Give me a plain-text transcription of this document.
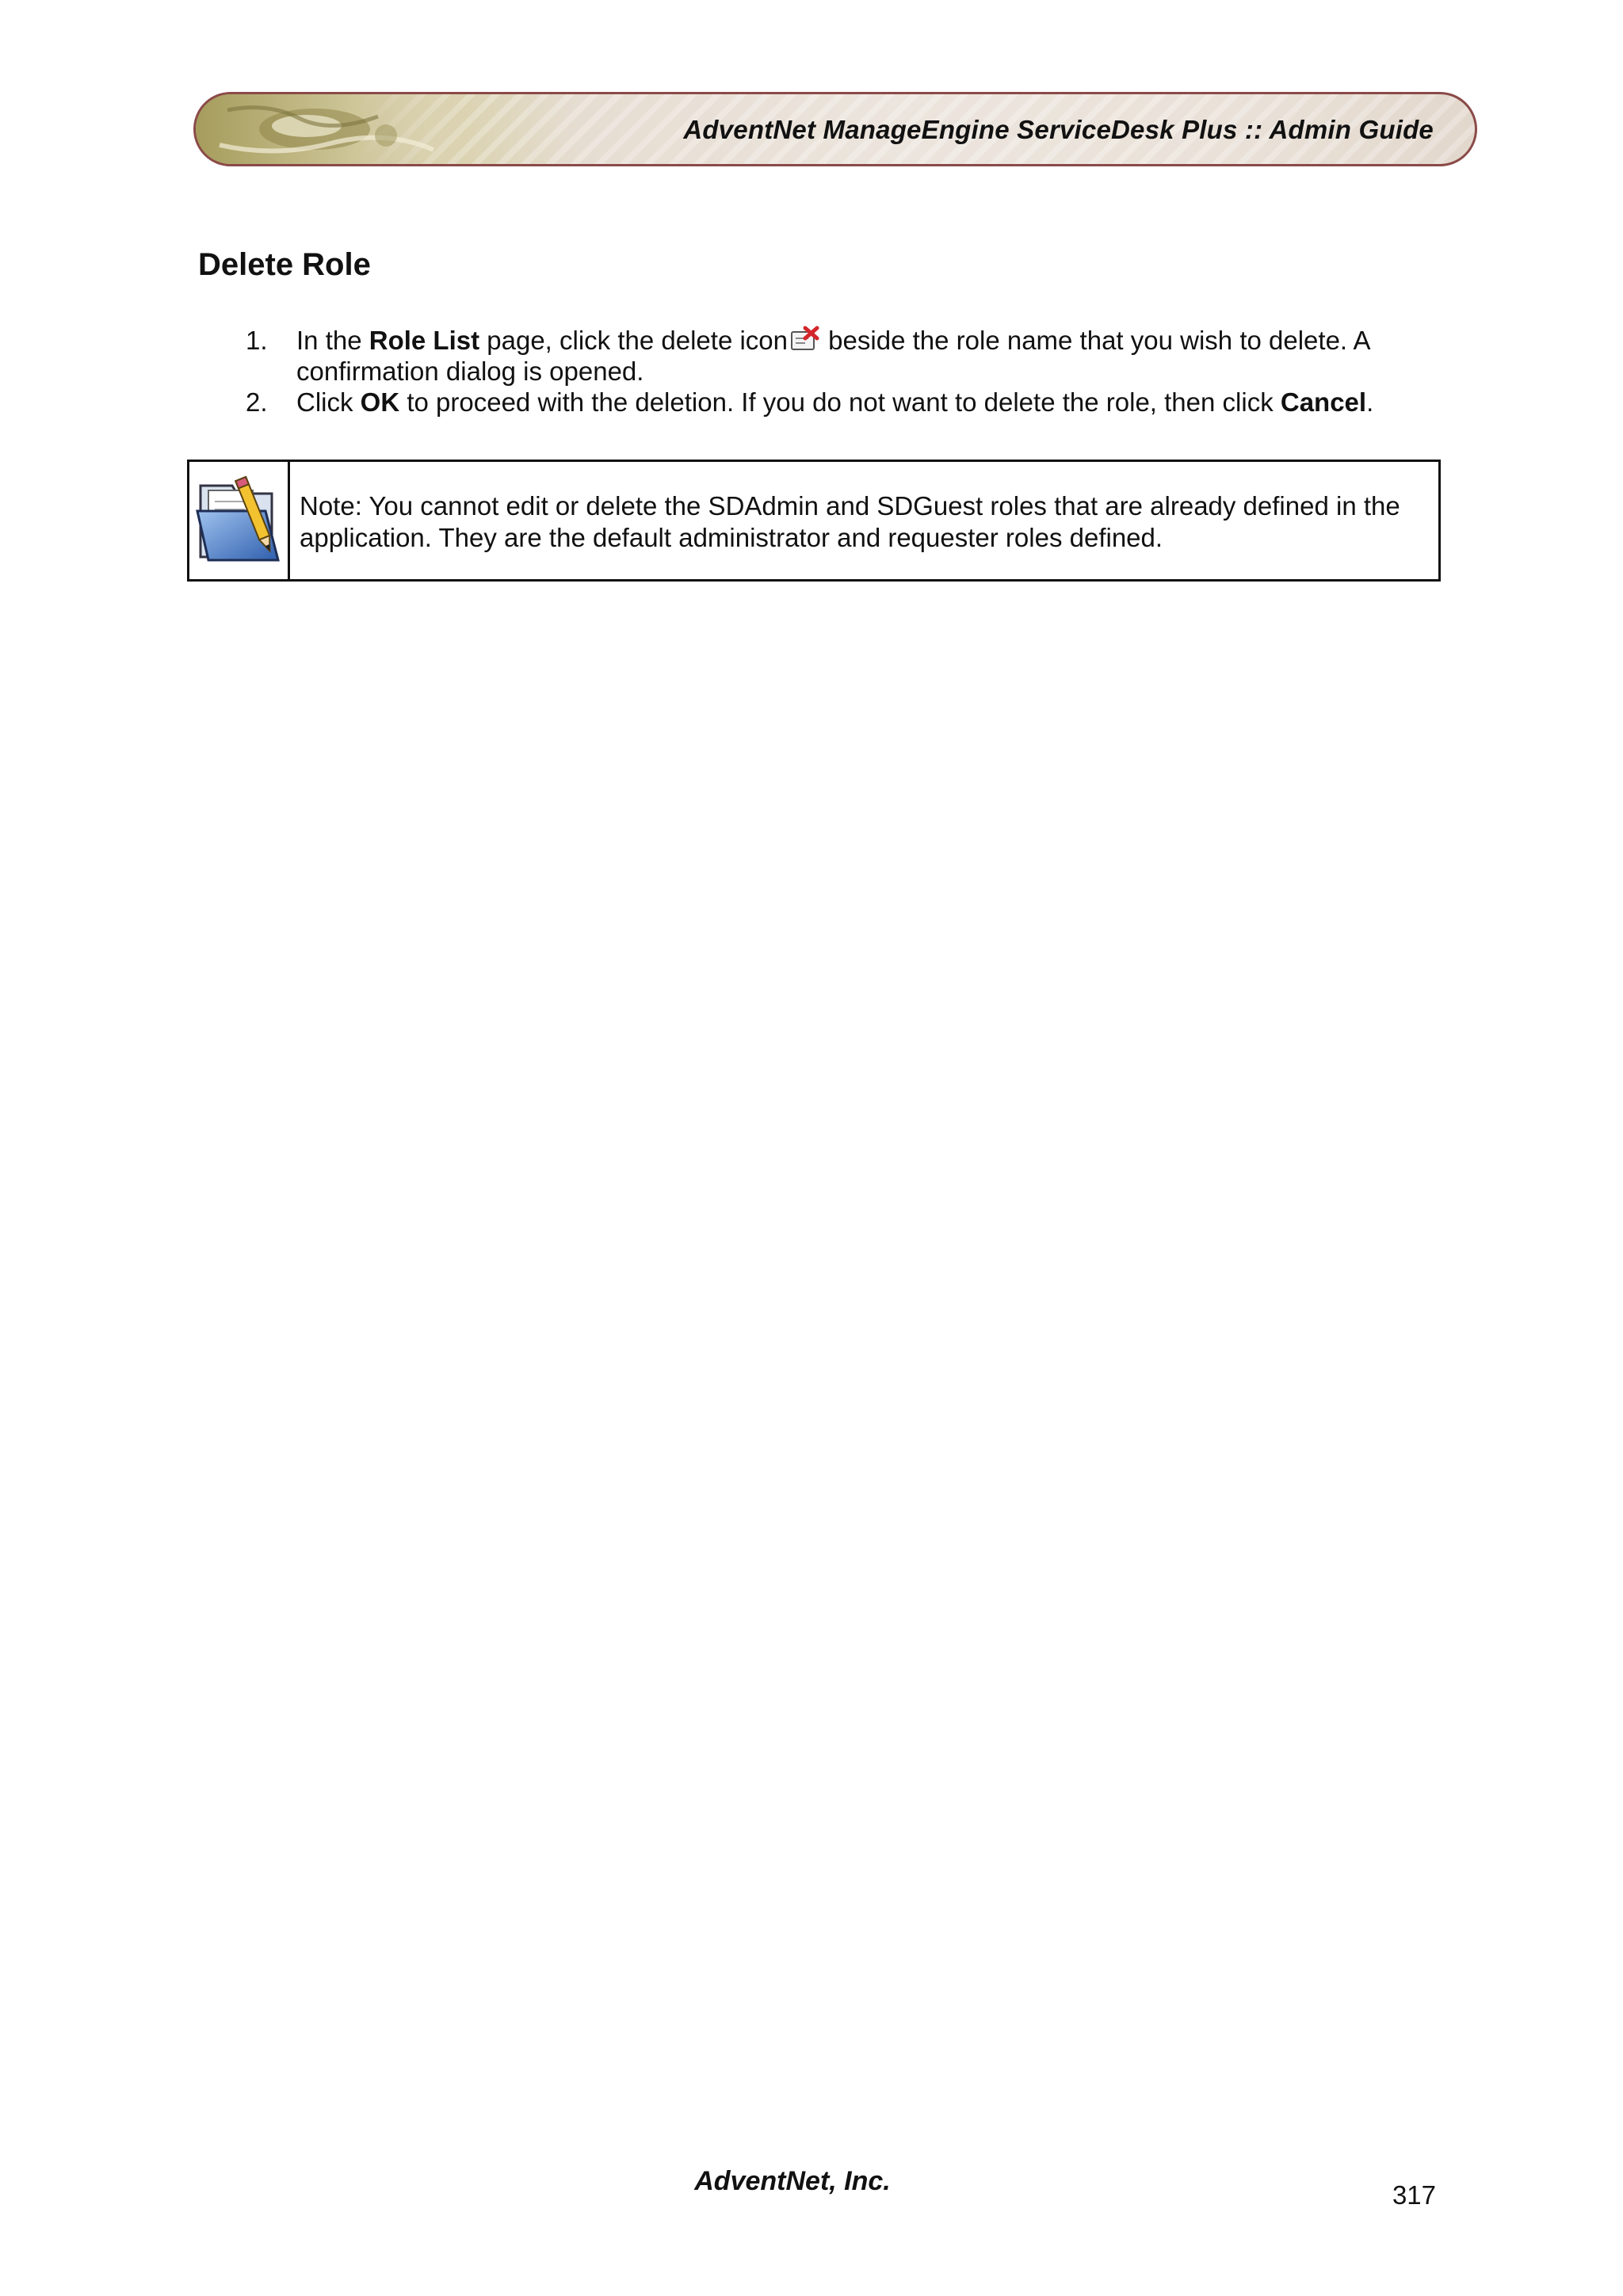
AdventNet ManageEngine ServiceDesk Plus :: Admin Guide
Delete Role
1. In the Role List page, click the delete icon beside the role name that you wish to delete. A confirmation dialog is opened.
2. Click OK to proceed with the deletion. If you do not want to delete the role, then click Cancel.
Note: You cannot edit or delete the SDAdmin and SDGuest roles that are already defined in the application. They are the default administrator and requester roles defined.
AdventNet, Inc.	317
